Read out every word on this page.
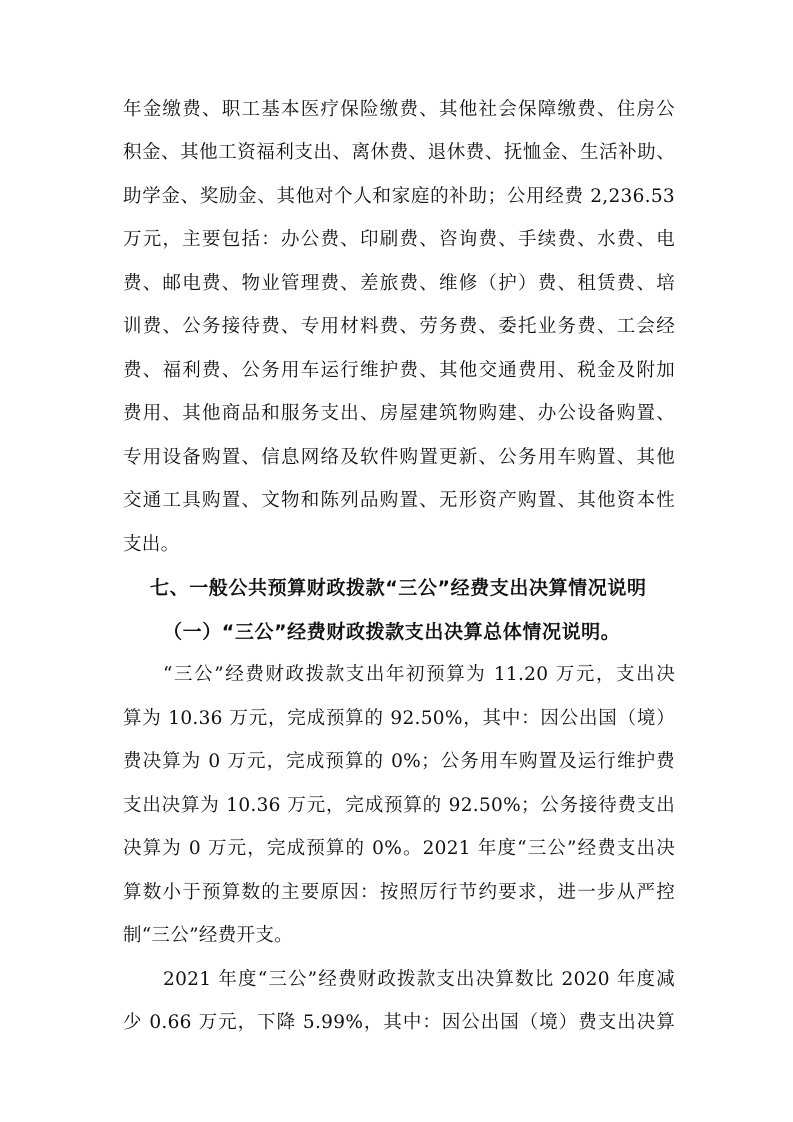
年金缴费、职工基本医疗保险缴费、其他社会保障缴费、住房公
积金、其他工资福利支出、离休费、退休费、抚恤金、生活补助、
助学金、奖励金、其他对个人和家庭的补助；公用经费 2,236.53
万元，主要包括：办公费、印刷费、咨询费、手续费、水费、电
费、邮电费、物业管理费、差旅费、维修（护）费、租赁费、培
训费、公务接待费、专用材料费、劳务费、委托业务费、工会经
费、福利费、公务用车运行维护费、其他交通费用、税金及附加
费用、其他商品和服务支出、房屋建筑物购建、办公设备购置、
专用设备购置、信息网络及软件购置更新、公务用车购置、其他
交通工具购置、文物和陈列品购置、无形资产购置、其他资本性
支出。
七、一般公共预算财政拨款“三公”经费支出决算情况说明
（一）“三公”经费财政拨款支出决算总体情况说明。
“三公”经费财政拨款支出年初预算为 11.20 万元，支出决
算为 10.36 万元，完成预算的 92.50%，其中：因公出国（境）
费决算为 0 万元，完成预算的 0%；公务用车购置及运行维护费
支出决算为 10.36 万元，完成预算的 92.50%；公务接待费支出
决算为 0 万元，完成预算的 0%。2021 年度“三公”经费支出决
算数小于预算数的主要原因：按照厉行节约要求，进一步从严控
制“三公”经费开支。
2021 年度“三公”经费财政拨款支出决算数比 2020 年度减
少 0.66 万元，下降 5.99%，其中：因公出国（境）费支出决算
